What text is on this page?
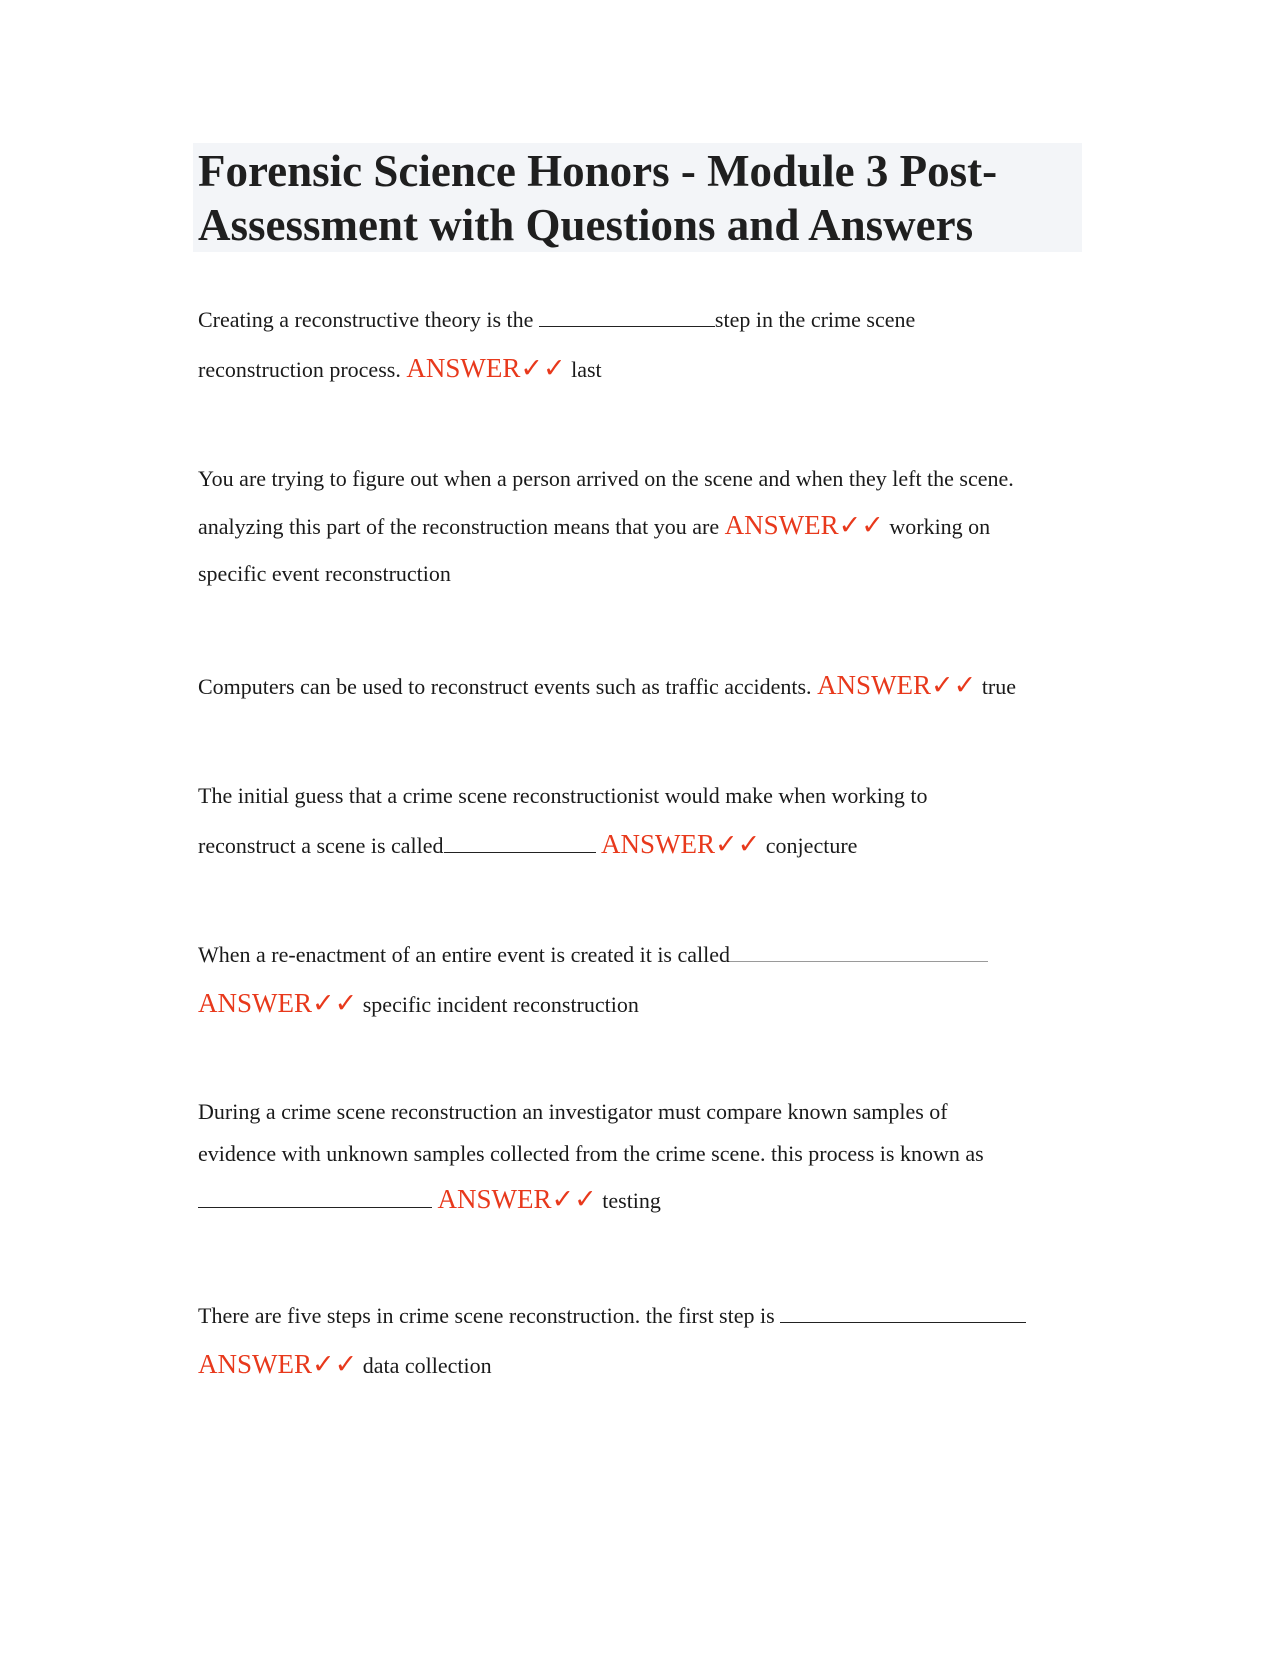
Forensic Science Honors - Module 3 Post-Assessment with Questions and Answers
Creating a reconstructive theory is the	step in the crime scene
reconstruction process. ANSWER✓✓ last
You are trying to figure out when a person arrived on the scene and when they left the scene.
analyzing this part of the reconstruction means that you are ANSWER✓✓ working on
specific event reconstruction
Computers can be used to reconstruct events such as traffic accidents. ANSWER✓✓ true
The initial guess that a crime scene reconstructionist would make when working to
reconstruct a scene is called	ANSWER✓✓ conjecture
When a re-enactment of an entire event is created it is called
ANSWER✓✓ specific incident reconstruction
During a crime scene reconstruction an investigator must compare known samples of
evidence with unknown samples collected from the crime scene. this process is known as
ANSWER✓✓ testing
There are five steps in crime scene reconstruction. the first step is
ANSWER✓✓ data collection
